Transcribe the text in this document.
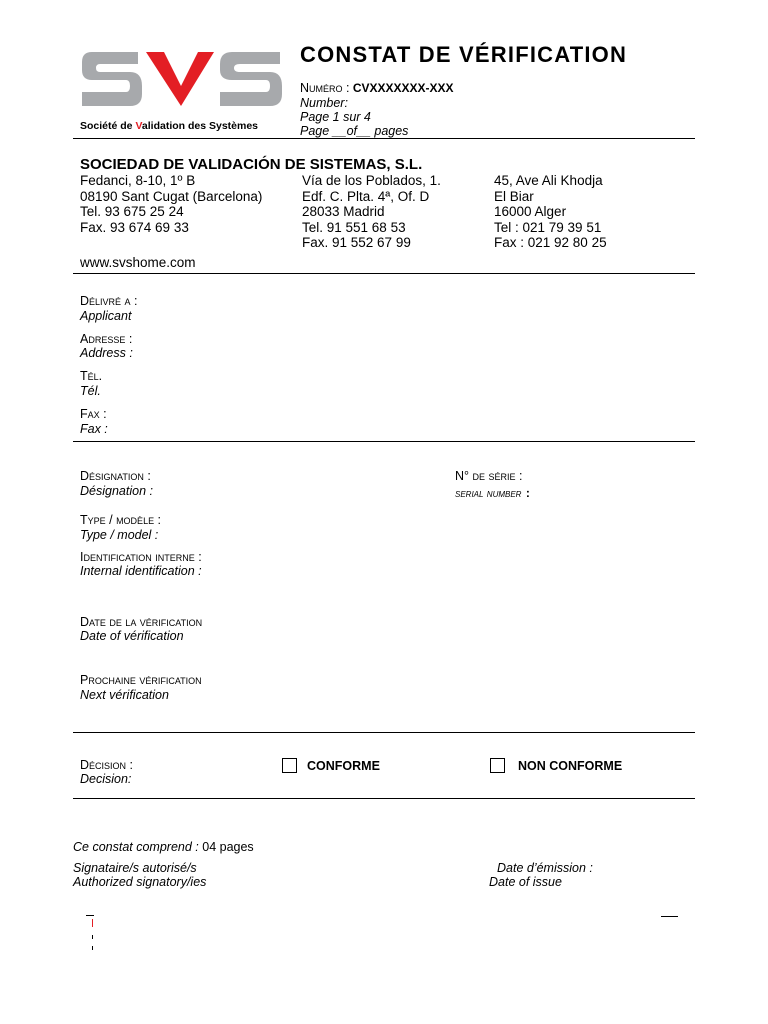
Société de Validation des Systèmes
CONSTAT DE VÉRIFICATION
Numéro : CVXXXXXXX-XXX
Number:
Page 1 sur 4
Page __of__ pages
SOCIEDAD DE VALIDACIÓN DE SISTEMAS, S.L.
Fedanci, 8-10, 1º B
08190 Sant Cugat (Barcelona)
Tel. 93 675 25 24
Fax. 93 674 69 33
Vía de los Poblados, 1.
Edf. C. Plta. 4ª, Of. D
28033 Madrid
Tel. 91 551 68 53
Fax. 91 552 67 99
45, Ave Ali Khodja
El Biar
16000 Alger
Tel : 021 79 39 51
Fax : 021 92 80 25
www.svshome.com
Délivré a :
Applicant
Adresse :
Address :
Tél.
Tél.
Fax :
Fax :
Désignation :
Désignation :
N° de série :
serial number :
Type / modèle :
Type / model :
Identification interne :
Internal identification :
Date de la vérification
Date of vérification
Prochaine vérification
Next vérification
Décision :
Decision:
CONFORME	NON CONFORME
Ce constat comprend : 04 pages
Signataire/s autorisé/s
Authorized signatory/ies
Date d’émission :
Date of issue
